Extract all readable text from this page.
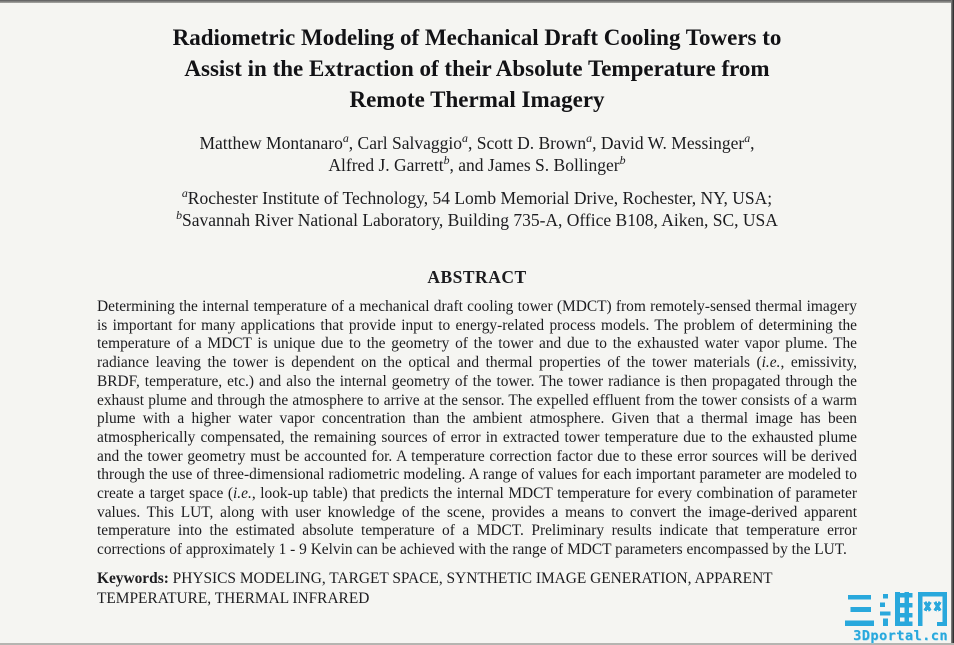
Radiometric Modeling of Mechanical Draft Cooling Towers to
Assist in the Extraction of their Absolute Temperature from
Remote Thermal Imagery
Matthew Montanaro$^a$, Carl Salvaggio$^a$, Scott D. Brown$^a$, David W. Messinger$^a$,
Alfred J. Garrett$^b$, and James S. Bollinger$^b$
$^a$Rochester Institute of Technology, 54 Lomb Memorial Drive, Rochester, NY, USA;
$^b$Savannah River National Laboratory, Building 735-A, Office B108, Aiken, SC, USA
ABSTRACT
Determining the internal temperature of a mechanical draft cooling tower (MDCT) from remotely-sensed thermal imagery is important for many applications that provide input to energy-related process models. The problem of determining the temperature of a MDCT is unique due to the geometry of the tower and due to the exhausted water vapor plume. The radiance leaving the tower is dependent on the optical and thermal properties of the tower materials (i.e., emissivity, BRDF, temperature, etc.) and also the internal geometry of the tower. The tower radiance is then propagated through the exhaust plume and through the atmosphere to arrive at the sensor. The expelled effluent from the tower consists of a warm plume with a higher water vapor concentration than the ambient atmosphere. Given that a thermal image has been atmospherically compensated, the remaining sources of error in extracted tower temperature due to the exhausted plume and the tower geometry must be accounted for. A temperature correction factor due to these error sources will be derived through the use of three-dimensional radiometric modeling. A range of values for each important parameter are modeled to create a target space (i.e., look-up table) that predicts the internal MDCT temperature for every combination of parameter values. This LUT, along with user knowledge of the scene, provides a means to convert the image-derived apparent temperature into the estimated absolute temperature of a MDCT. Preliminary results indicate that temperature error corrections of approximately 1 - 9 Kelvin can be achieved with the range of MDCT parameters encompassed by the LUT.
Keywords: PHYSICS MODELING, TARGET SPACE, SYNTHETIC IMAGE GENERATION, APPARENT TEMPERATURE, THERMAL INFRARED
3Dportal.cn
